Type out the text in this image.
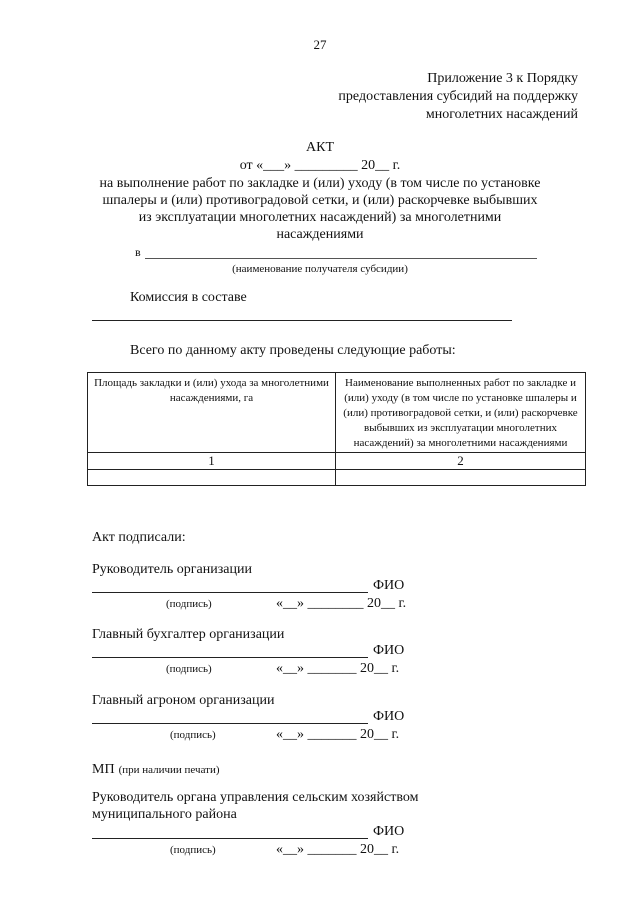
27
Приложение 3 к Порядку
предоставления субсидий на поддержку
многолетних насаждений
АКТ
от «___» _________ 20__ г.
на выполнение работ по закладке и (или) уходу (в том числе по установке
шпалеры и (или) противоградовой сетки, и (или) раскорчевке выбывших
из эксплуатации многолетних насаждений) за многолетними
насаждениями
в
(наименование получателя субсидии)
Комиссия в составе
Всего по данному акту проведены следующие работы:
Площадь закладки и (или) ухода за многолетними насаждениями, га	Наименование выполненных работ по закладке и (или) уходу (в том числе по установке шпалеры и (или) противоградовой сетки, и (или) раскорчевке выбывших из эксплуатации многолетних насаждений) за многолетними насаждениями
1	2

Акт подписали:
Руководитель организации
ФИО
(подпись)	«__» ________ 20__ г.
Главный бухгалтер организации
ФИО
(подпись)	«__» _______ 20__ г.
Главный агроном организации
ФИО
(подпись)	«__» _______ 20__ г.
МП (при наличии печати)
Руководитель органа управления сельским хозяйством
муниципального района
ФИО
(подпись)	«__» _______ 20__ г.
